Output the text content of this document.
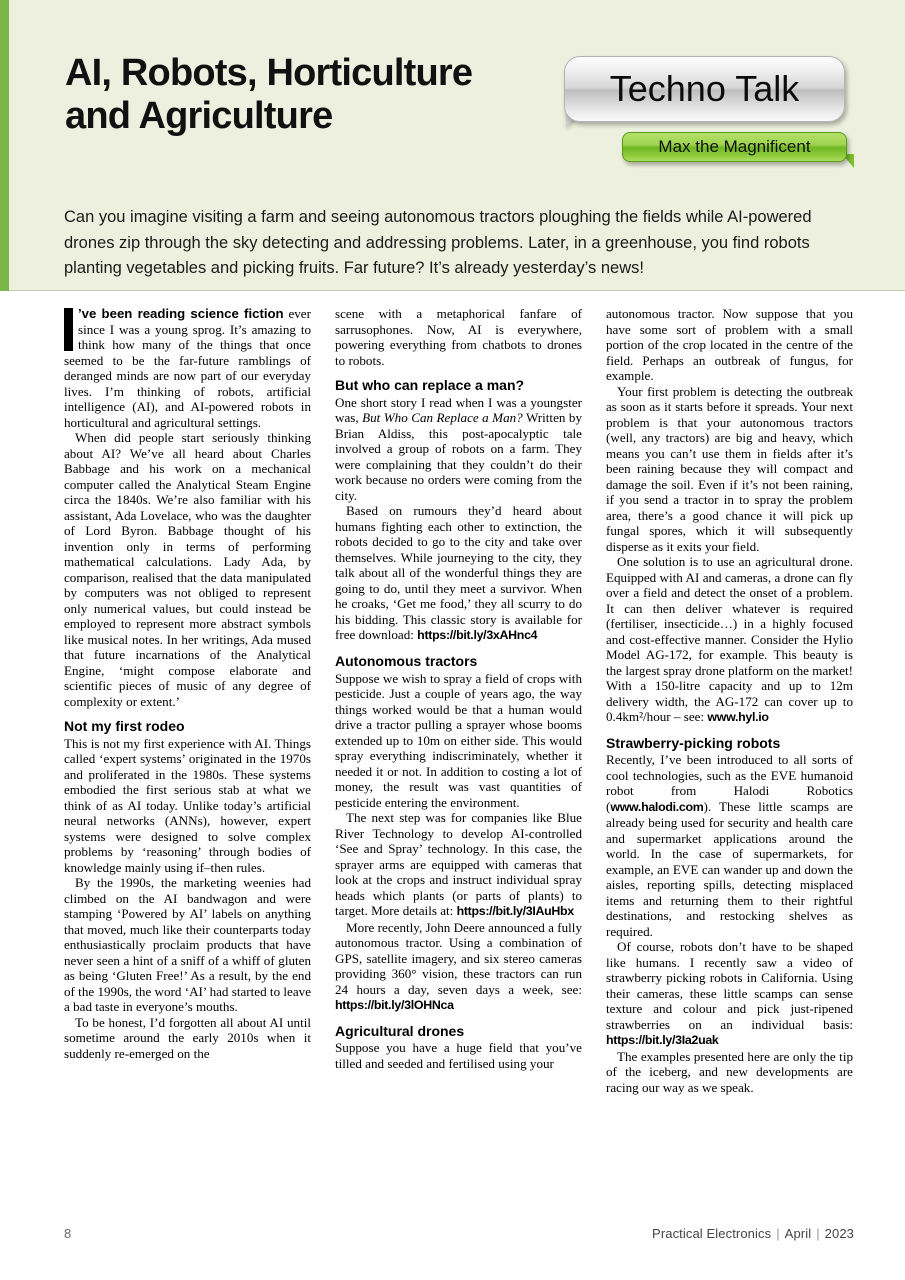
AI, Robots, Horticulture
and Agriculture
Techno Talk
Max the Magnificent
Can you imagine visiting a farm and seeing autonomous tractors ploughing the fields while AI-powered drones zip through the sky detecting and addressing problems. Later, in a greenhouse, you find robots planting vegetables and picking fruits. Far future? It’s already yesterday’s news!

’ve been reading science fiction ever since I was a young sprog. It’s amazing to think how many of the things that once seemed to be the far-future ramblings of deranged minds are now part of our everyday lives. I’m thinking of robots, artificial intelligence (AI), and AI-powered robots in horticultural and agricultural settings.

When did people start seriously thinking about AI? We’ve all heard about Charles Babbage and his work on a mechanical computer called the Analytical Steam Engine circa the 1840s. We’re also familiar with his assistant, Ada Lovelace, who was the daughter of Lord Byron. Babbage thought of his invention only in terms of performing mathematical calculations. Lady Ada, by comparison, realised that the data manipulated by computers was not obliged to represent only numerical values, but could instead be employed to represent more abstract symbols like musical notes. In her writings, Ada mused that future incarnations of the Analytical Engine, ‘might compose elaborate and scientific pieces of music of any degree of complexity or extent.’

Not my first rodeo

This is not my first experience with AI. Things called ‘expert systems’ originated in the 1970s and proliferated in the 1980s. These systems embodied the first serious stab at what we think of as AI today. Unlike today’s artificial neural networks (ANNs), however, expert systems were designed to solve complex problems by ‘reasoning’ through bodies of knowledge mainly using if–then rules.

By the 1990s, the marketing weenies had climbed on the AI bandwagon and were stamping ‘Powered by AI’ labels on anything that moved, much like their counterparts today enthusiastically proclaim products that have never seen a hint of a sniff of a whiff of gluten as being ‘Gluten Free!’ As a result, by the end of the 1990s, the word ‘AI’ had started to leave a bad taste in everyone’s mouths.

To be honest, I’d forgotten all about AI until sometime around the early 2010s when it suddenly re-emerged on the

scene with a metaphorical fanfare of sarrusophones. Now, AI is everywhere, powering everything from chatbots to drones to robots.

But who can replace a man?

One short story I read when I was a youngster was, But Who Can Replace a Man? Written by Brian Aldiss, this post-apocalyptic tale involved a group of robots on a farm. They were complaining that they couldn’t do their work because no orders were coming from the city.

Based on rumours they’d heard about humans fighting each other to extinction, the robots decided to go to the city and take over themselves. While journeying to the city, they talk about all of the wonderful things they are going to do, until they meet a survivor. When he croaks, ‘Get me food,’ they all scurry to do his bidding. This classic story is available for free download: https://bit.ly/3xAHnc4

Autonomous tractors

Suppose we wish to spray a field of crops with pesticide. Just a couple of years ago, the way things worked would be that a human would drive a tractor pulling a sprayer whose booms extended up to 10m on either side. This would spray everything indiscriminately, whether it needed it or not. In addition to costing a lot of money, the result was vast quantities of pesticide entering the environment.

The next step was for companies like Blue River Technology to develop AI-controlled ‘See and Spray’ technology. In this case, the sprayer arms are equipped with cameras that look at the crops and instruct individual spray heads which plants (or parts of plants) to target. More details at: https://bit.ly/3IAuHbx

More recently, John Deere announced a fully autonomous tractor. Using a combination of GPS, satellite imagery, and six stereo cameras providing 360° vision, these tractors can run 24 hours a day, seven days a week, see: https://bit.ly/3lOHNca

Agricultural drones

Suppose you have a huge field that you’ve tilled and seeded and fertilised using your

autonomous tractor. Now suppose that you have some sort of problem with a small portion of the crop located in the centre of the field. Perhaps an outbreak of fungus, for example.

Your first problem is detecting the outbreak as soon as it starts before it spreads. Your next problem is that your autonomous tractors (well, any tractors) are big and heavy, which means you can’t use them in fields after it’s been raining because they will compact and damage the soil. Even if it’s not been raining, if you send a tractor in to spray the problem area, there’s a good chance it will pick up fungal spores, which it will subsequently disperse as it exits your field.

One solution is to use an agricultural drone. Equipped with AI and cameras, a drone can fly over a field and detect the onset of a problem. It can then deliver whatever is required (fertiliser, insecticide…) in a highly focused and cost-effective manner. Consider the Hylio Model AG-172, for example. This beauty is the largest spray drone platform on the market! With a 150-litre capacity and up to 12m delivery width, the AG-172 can cover up to 0.4km²/hour – see: www.hyl.io

Strawberry-picking robots

Recently, I’ve been introduced to all sorts of cool technologies, such as the EVE humanoid robot from Halodi Robotics (www.halodi.com). These little scamps are already being used for security and health care and supermarket applications around the world. In the case of supermarkets, for example, an EVE can wander up and down the aisles, reporting spills, detecting misplaced items and returning them to their rightful destinations, and restocking shelves as required.

Of course, robots don’t have to be shaped like humans. I recently saw a video of strawberry picking robots in California. Using their cameras, these little scamps can sense texture and colour and pick just-ripened strawberries on an individual basis: https://bit.ly/3Ia2uak

The examples presented here are only the tip of the iceberg, and new developments are racing our way as we speak.

8	Practical Electronics | April | 2023
